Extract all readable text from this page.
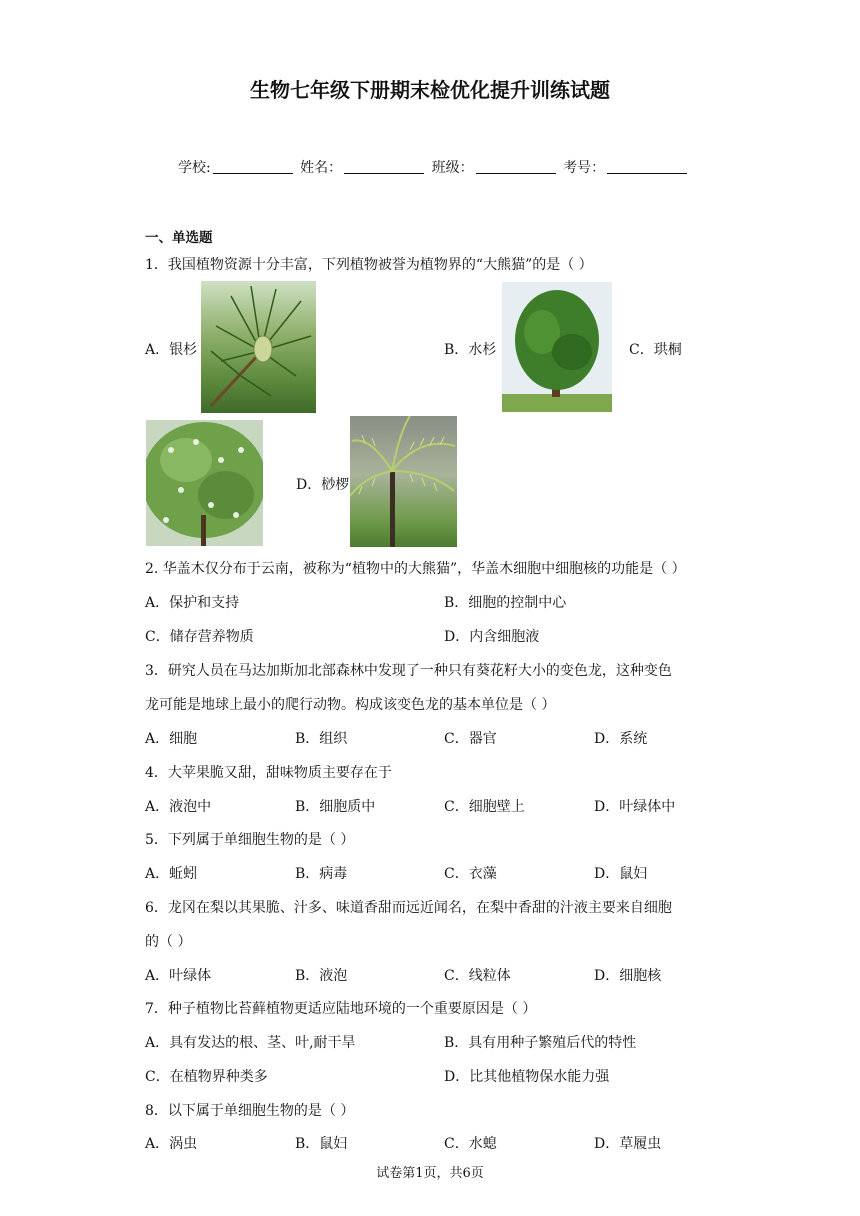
生物七年级下册期末检优化提升训练试题
学校:	姓名：	班级：	考号：
一、单选题
1．我国植物资源十分丰富，下列植物被誉为植物界的“大熊猫”的是（ ）
A．银杉	B．水杉	C．珙桐
D．桫椤
2. 华盖木仅分布于云南，被称为“植物中的大熊猫”，华盖木细胞中细胞核的功能是（ ）
A．保护和支持	B．细胞的控制中心
C．储存营养物质	D．内含细胞液
3．研究人员在马达加斯加北部森林中发现了一种只有葵花籽大小的变色龙，这种变色
龙可能是地球上最小的爬行动物。构成该变色龙的基本单位是（ ）
A．细胞	B．组织	C．器官	D．系统
4．大苹果脆又甜，甜味物质主要存在于
A．液泡中	B．细胞质中	C．细胞壁上	D．叶绿体中
5．下列属于单细胞生物的是（ ）
A．蚯蚓	B．病毒	C．衣藻	D．鼠妇
6．龙冈在梨以其果脆、汁多、味道香甜而远近闻名，在梨中香甜的汁液主要来自细胞
的（ ）
A．叶绿体	B．液泡	C．线粒体	D．细胞核
7．种子植物比苔藓植物更适应陆地环境的一个重要原因是（ ）
A．具有发达的根、茎、叶,耐干旱	B．具有用种子繁殖后代的特性
C．在植物界种类多	D．比其他植物保水能力强
8．以下属于单细胞生物的是（ ）
A．涡虫	B．鼠妇	C．水螅	D．草履虫
试卷第1页，共6页
